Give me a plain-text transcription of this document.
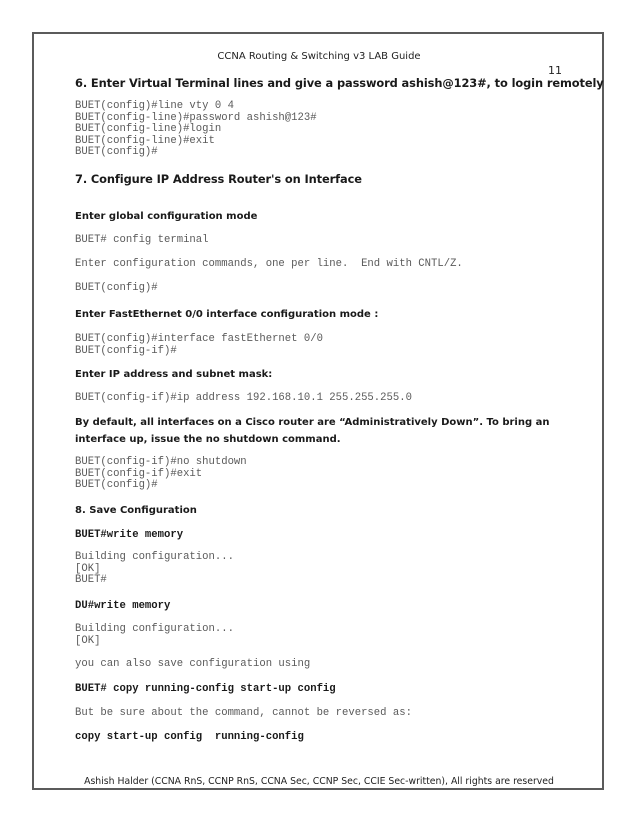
CCNA Routing & Switching v3 LAB Guide
11
6. Enter Virtual Terminal lines and give a password ashish@123#, to login remotely
BUET(config)#line vty 0 4
BUET(config-line)#password ashish@123#
BUET(config-line)#login
BUET(config-line)#exit
BUET(config)#
7. Configure IP Address Router's on Interface
Enter global configuration mode
BUET# config terminal
Enter configuration commands, one per line.  End with CNTL/Z.
BUET(config)#
Enter FastEthernet 0/0 interface configuration mode :
BUET(config)#interface fastEthernet 0/0
BUET(config-if)#
Enter IP address and subnet mask:
BUET(config-if)#ip address 192.168.10.1 255.255.255.0
By default, all interfaces on a Cisco router are “Administratively Down”. To bring an interface up, issue the no shutdown command.
BUET(config-if)#no shutdown
BUET(config-if)#exit
BUET(config)#
8. Save Configuration
BUET#write memory
Building configuration...
[OK]
BUET#
DU#write memory
Building configuration...
[OK]
you can also save configuration using
BUET# copy running-config start-up config
But be sure about the command, cannot be reversed as:
copy start-up config  running-config
Ashish Halder (CCNA RnS, CCNP RnS, CCNA Sec, CCNP Sec, CCIE Sec-written), All rights are reserved
